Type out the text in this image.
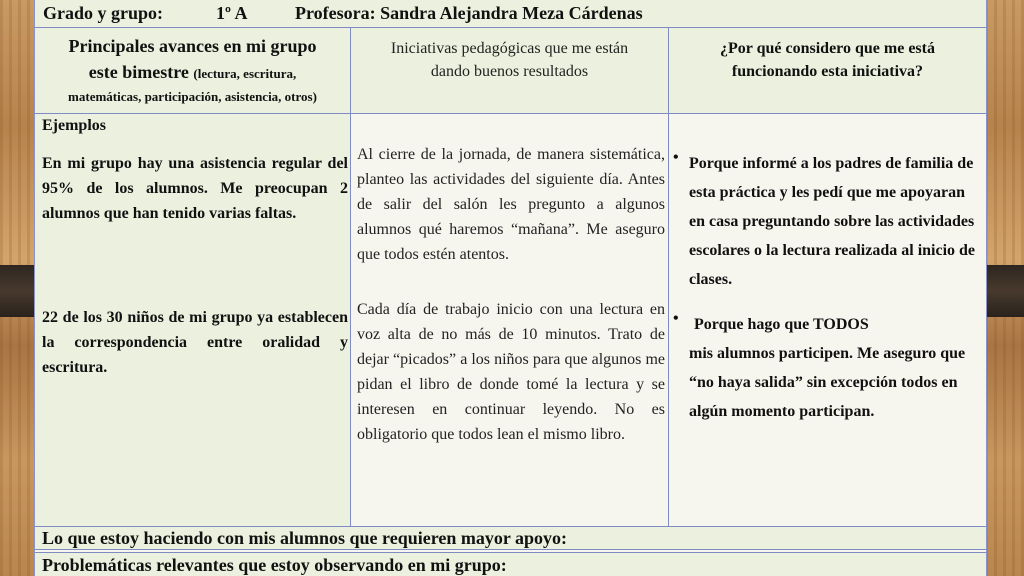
Grado y grupo:	1º A	Profesora: Sandra Alejandra Meza Cárdenas
Principales avances en mi grupo
este bimestre (lectura, escritura,
matemáticas, participación, asistencia, otros)
Iniciativas pedagógicas que me están dando buenos resultados
¿Por qué considero que me está funcionando esta iniciativa?
Ejemplos
En mi grupo hay una asistencia regular del 95% de los alumnos. Me preocupan 2 alumnos que han tenido varias faltas.
22 de los 30 niños de mi grupo ya establecen la correspondencia entre oralidad y escritura.
Al cierre de la jornada, de manera sistemática, planteo las actividades del siguiente día. Antes de salir del salón les pregunto a algunos alumnos qué haremos “mañana”. Me aseguro que todos estén atentos.
Cada día de trabajo inicio con una lectura en voz alta de no más de 10 minutos. Trato de dejar “picados” a los niños para que algunos me pidan el libro de donde tomé la lectura y se interesen en continuar leyendo. No es obligatorio que todos lean el mismo libro.
• Porque informé a los padres de familia de esta práctica y les pedí que me apoyaran en casa preguntando sobre las actividades escolares o la lectura realizada al inicio de clases.
• Porque hago que TODOS
mis alumnos participen. Me aseguro que “no haya salida” sin excepción todos en algún momento participan.
Lo que estoy haciendo con mis alumnos que requieren mayor apoyo:
Problemáticas relevantes que estoy observando en mi grupo:
